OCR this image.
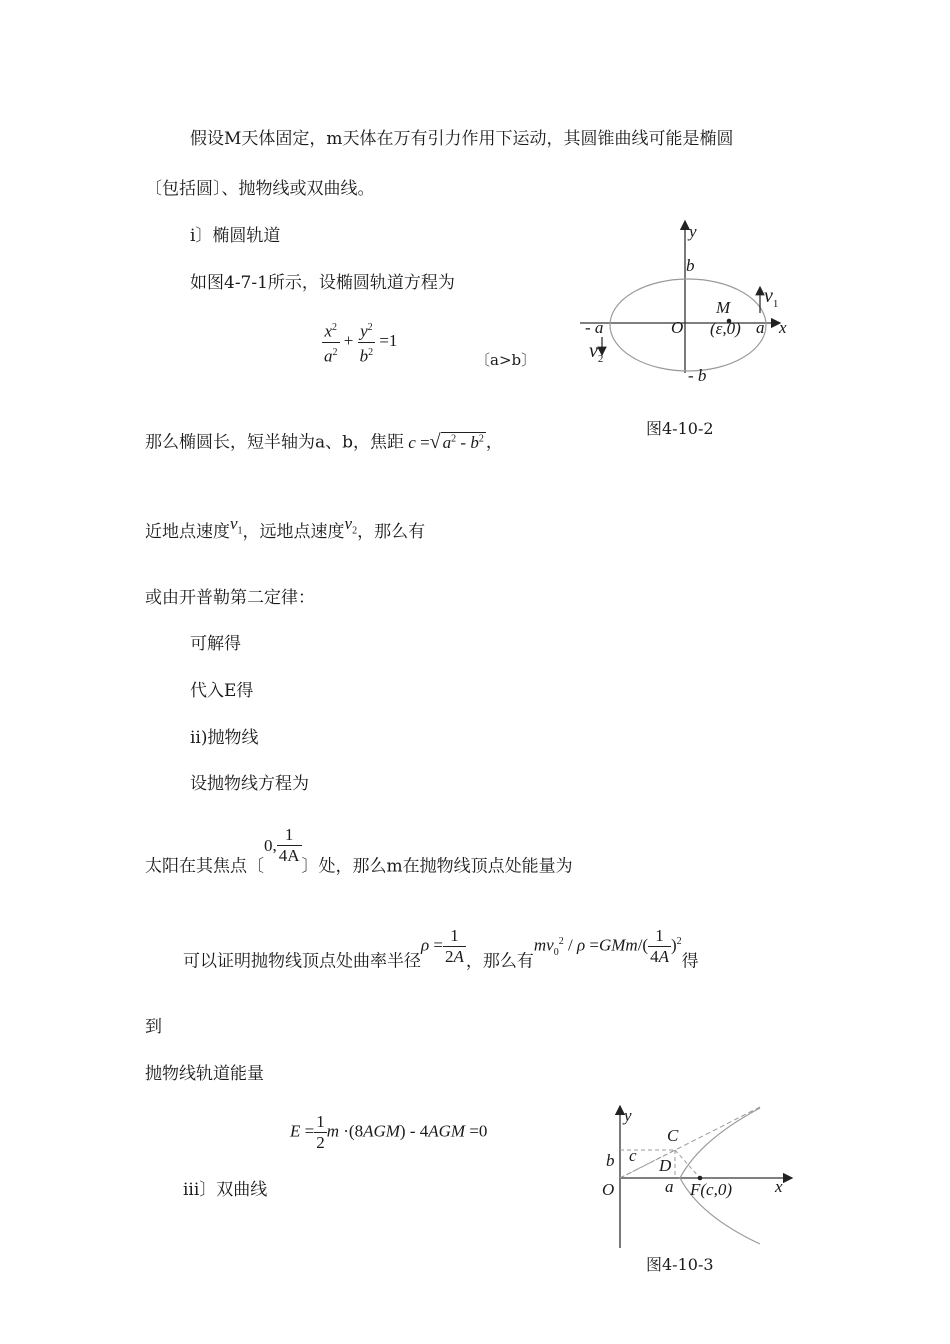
假设M天体固定，m天体在万有引力作用下运动，其圆锥曲线可能是椭圆
〔包括圆〕、抛物线或双曲线。
i〕椭圆轨道
如图4-7-1所示，设椭圆轨道方程为
$\frac{x^2}{a^2} + \frac{y^2}{b^2} =1$
〔a>b〕
那么椭圆长，短半轴为a、b，焦距 c =√ $a^2 - b^2$ ，
近地点速度$v_1$，远地点速度$v_2$，那么有
或由开普勒第二定律：
可解得
代入E得
ii)抛物线
设抛物线方程为
太阳在其焦点〔0, $\frac{1}{4A}$
〕处，那么m在抛物线顶点处能量为
可以证明抛物线顶点处曲率半径$\rho = \frac{1}{2A}$ ，那么有$mv_0^2 / \rho =GMm/( \frac{1}{4A} )^2$得
到
抛物线轨道能量
$E = \frac{1}{2}$ m ·(8AGM) - 4AGM =0
iii〕双曲线
y
b
M
$v_1$
- a	O (ε,0) a x
$v_2$
- b
图4-10-2
y
C
c
b	D
O	a F(c,0)	x
图4-10-3
